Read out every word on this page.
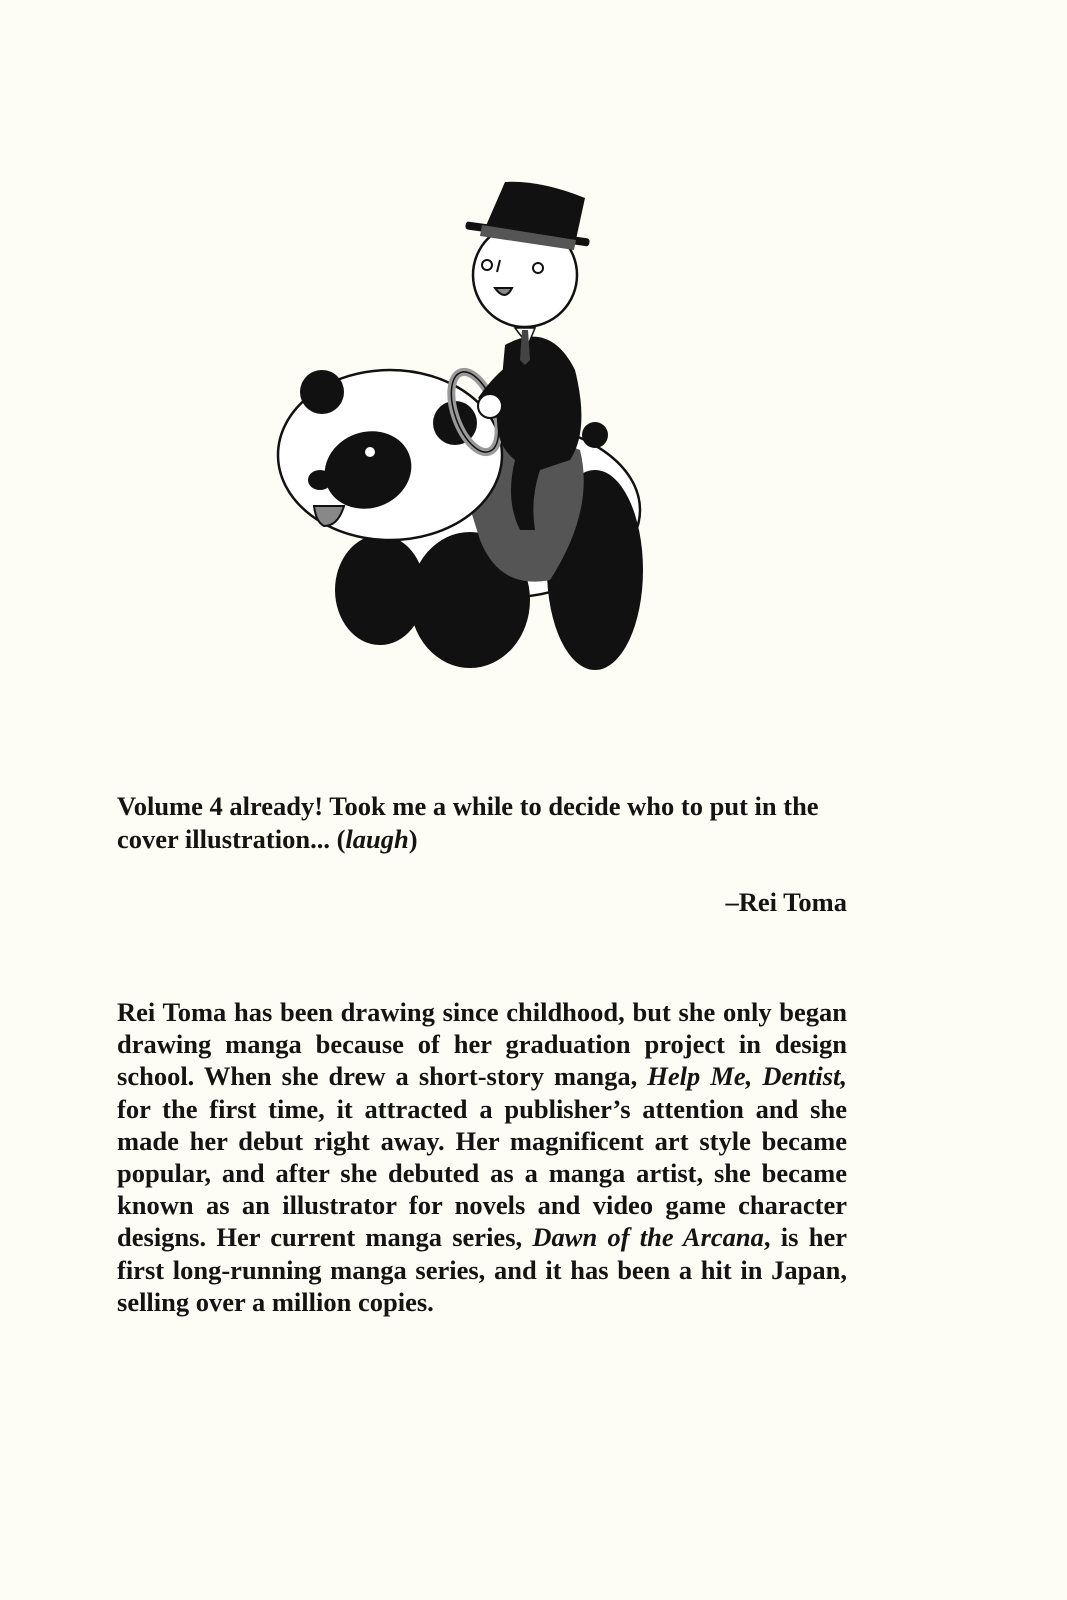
Volume 4 already! Took me a while to decide who to put in the cover illustration... (laugh)

–Rei Toma

Rei Toma has been drawing since childhood, but she only began drawing manga because of her graduation project in design school. When she drew a short-story manga, Help Me, Dentist, for the first time, it attracted a publisher’s attention and she made her debut right away. Her magnificent art style became popular, and after she debuted as a manga artist, she became known as an illustrator for novels and video game character designs. Her current manga series, Dawn of the Arcana, is her first long-running manga series, and it has been a hit in Japan, selling over a million copies.
